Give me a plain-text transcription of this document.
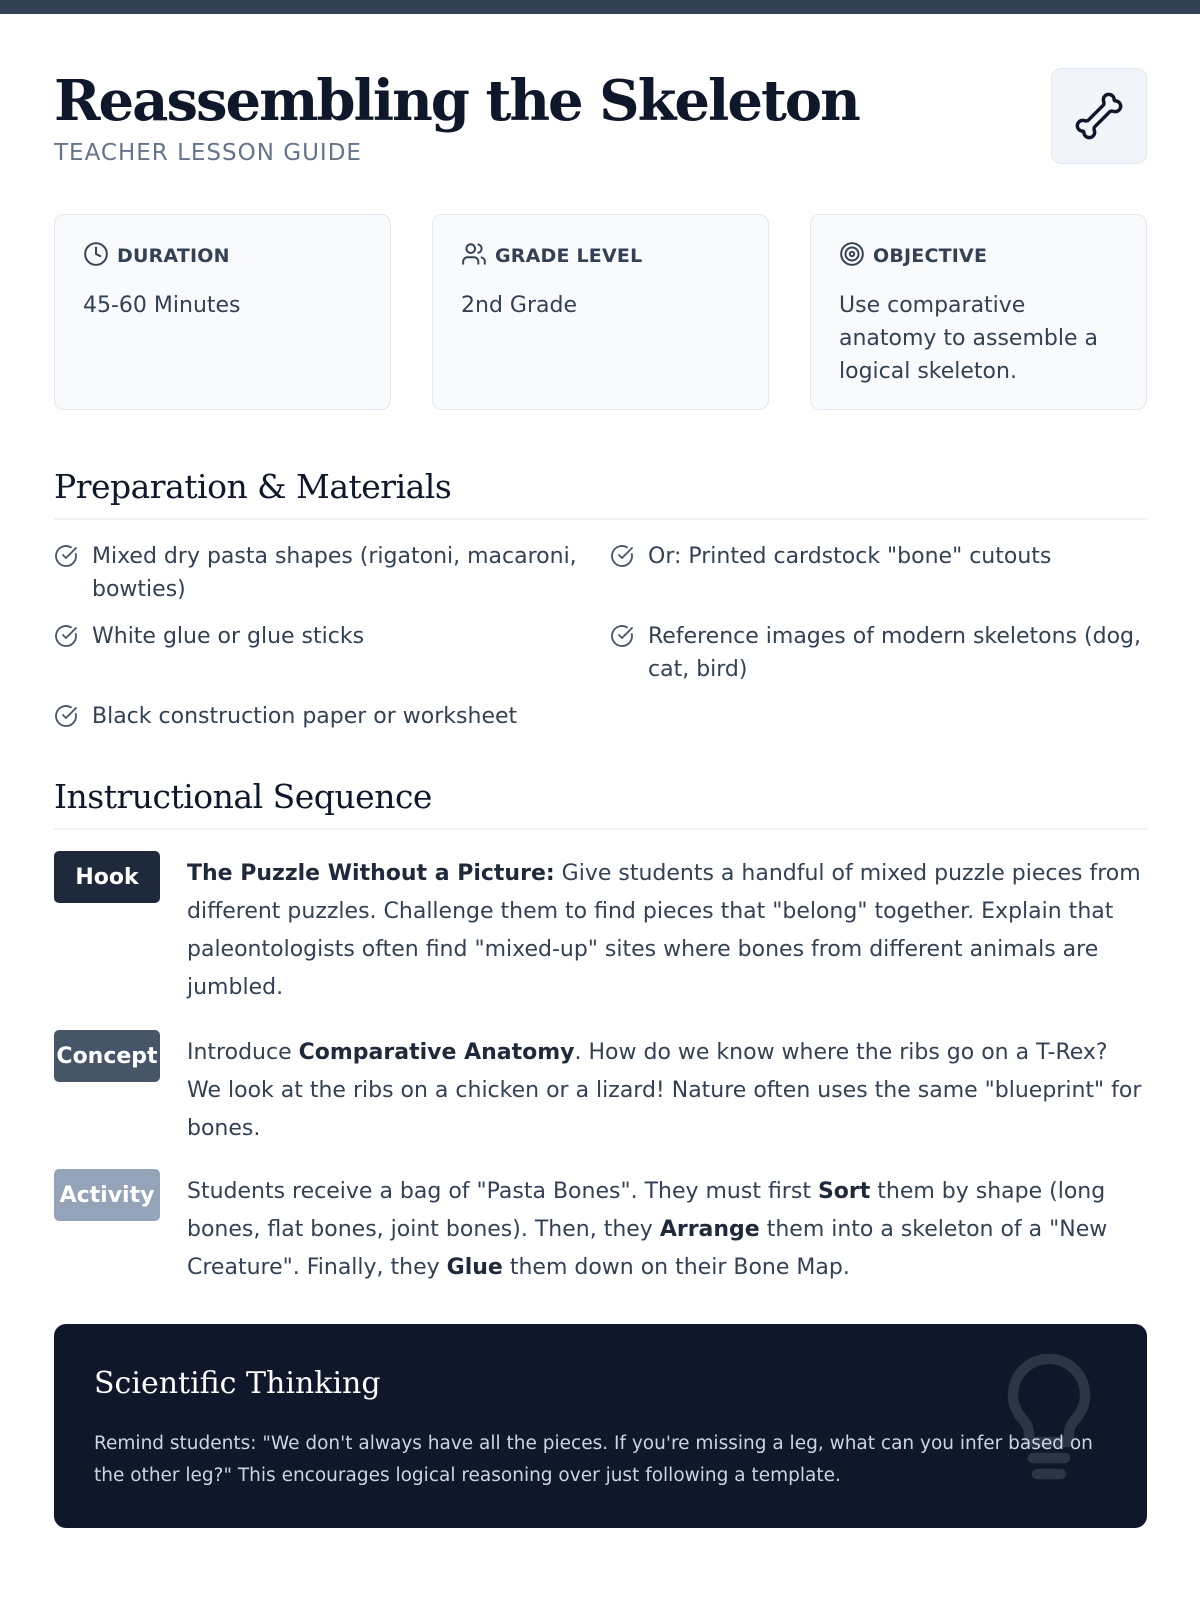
Reassembling the Skeleton
TEACHER LESSON GUIDE
DURATION
45-60 Minutes
GRADE LEVEL
2nd Grade
OBJECTIVE
Use comparative anatomy to assemble a logical skeleton.
Preparation & Materials
Mixed dry pasta shapes (rigatoni, macaroni, bowties)
Or: Printed cardstock "bone" cutouts
White glue or glue sticks	Reference images of modern skeletons (dog, cat, bird)
Black construction paper or worksheet
Instructional Sequence
Hook	The Puzzle Without a Picture: Give students a handful of mixed puzzle pieces from different puzzles. Challenge them to find pieces that "belong" together. Explain that paleontologists often find "mixed-up" sites where bones from different animals are jumbled.
Concept Introduce Comparative Anatomy. How do we know where the ribs go on a T-Rex? We look at the ribs on a chicken or a lizard! Nature often uses the same "blueprint" for bones.
Activity Students receive a bag of "Pasta Bones". They must first Sort them by shape (long bones, flat bones, joint bones). Then, they Arrange them into a skeleton of a "New Creature". Finally, they Glue them down on their Bone Map.
Scientific Thinking
Remind students: "We don't always have all the pieces. If you're missing a leg, what can you infer based on the other leg?" This encourages logical reasoning over just following a template.
